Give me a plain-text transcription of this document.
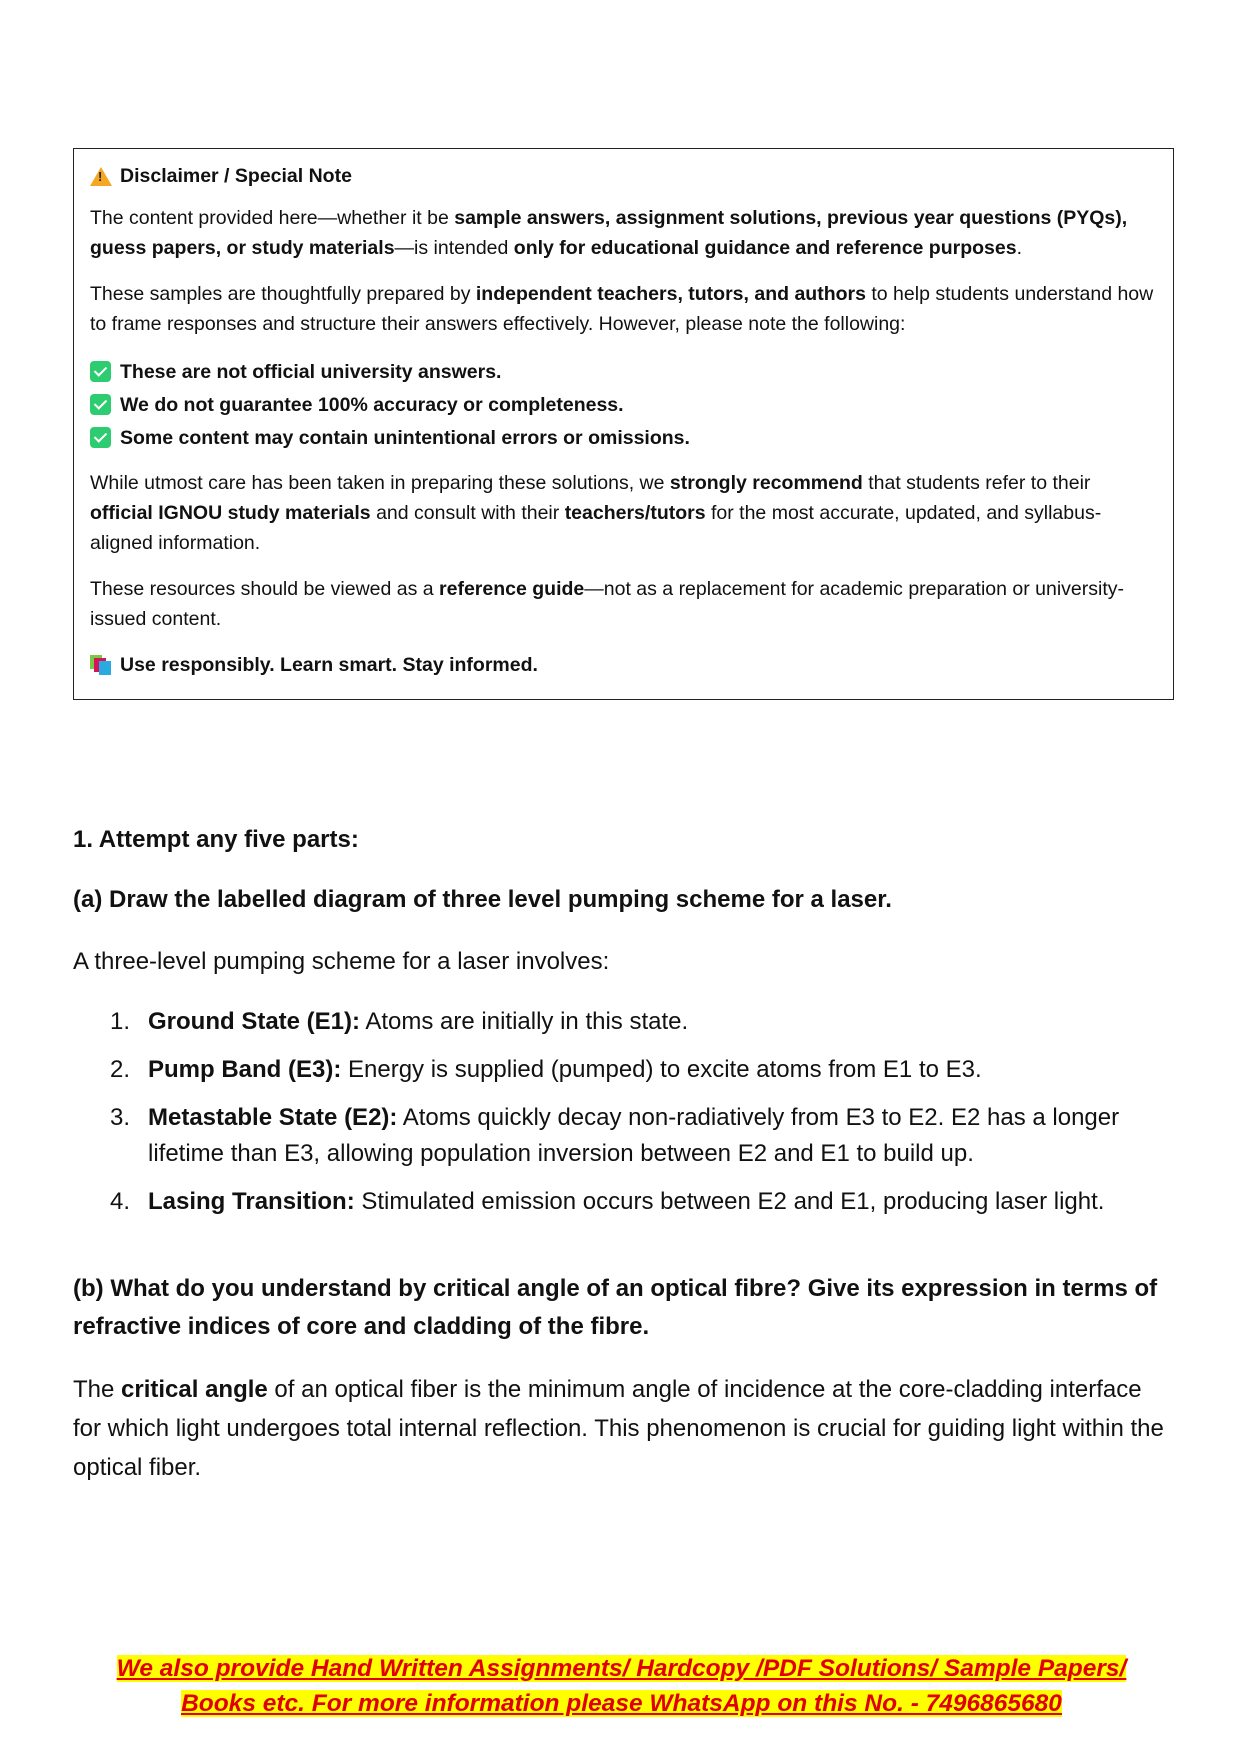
!
Disclaimer / Special Note

The content provided here—whether it be sample answers, assignment solutions, previous year questions (PYQs), guess papers, or study materials—is intended only for educational guidance and reference purposes.

These samples are thoughtfully prepared by independent teachers, tutors, and authors to help students understand how to frame responses and structure their answers effectively. However, please note the following:

These are not official university answers.
We do not guarantee 100% accuracy or completeness.
Some content may contain unintentional errors or omissions.

While utmost care has been taken in preparing these solutions, we strongly recommend that students refer to their official IGNOU study materials and consult with their teachers/tutors for the most accurate, updated, and syllabus-aligned information.

These resources should be viewed as a reference guide—not as a replacement for academic preparation or university-issued content.

Use responsibly. Learn smart. Stay informed.

1. Attempt any five parts:
(a) Draw the labelled diagram of three level pumping scheme for a laser.
A three-level pumping scheme for a laser involves:
Ground State (E1): Atoms are initially in this state.
Pump Band (E3): Energy is supplied (pumped) to excite atoms from E1 to E3.
Metastable State (E2): Atoms quickly decay non-radiatively from E3 to E2. E2 has a longer lifetime than E3, allowing population inversion between E2 and E1 to build up.
Lasing Transition: Stimulated emission occurs between E2 and E1, producing laser light.
(b) What do you understand by critical angle of an optical fibre? Give its expression in terms of refractive indices of core and cladding of the fibre.
The critical angle of an optical fiber is the minimum angle of incidence at the core-cladding interface for which light undergoes total internal reflection. This phenomenon is crucial for guiding light within the optical fiber.
We also provide Hand Written Assignments/ Hardcopy /PDF Solutions/ Sample Papers/
Books etc. For more information please WhatsApp on this No. - 7496865680
